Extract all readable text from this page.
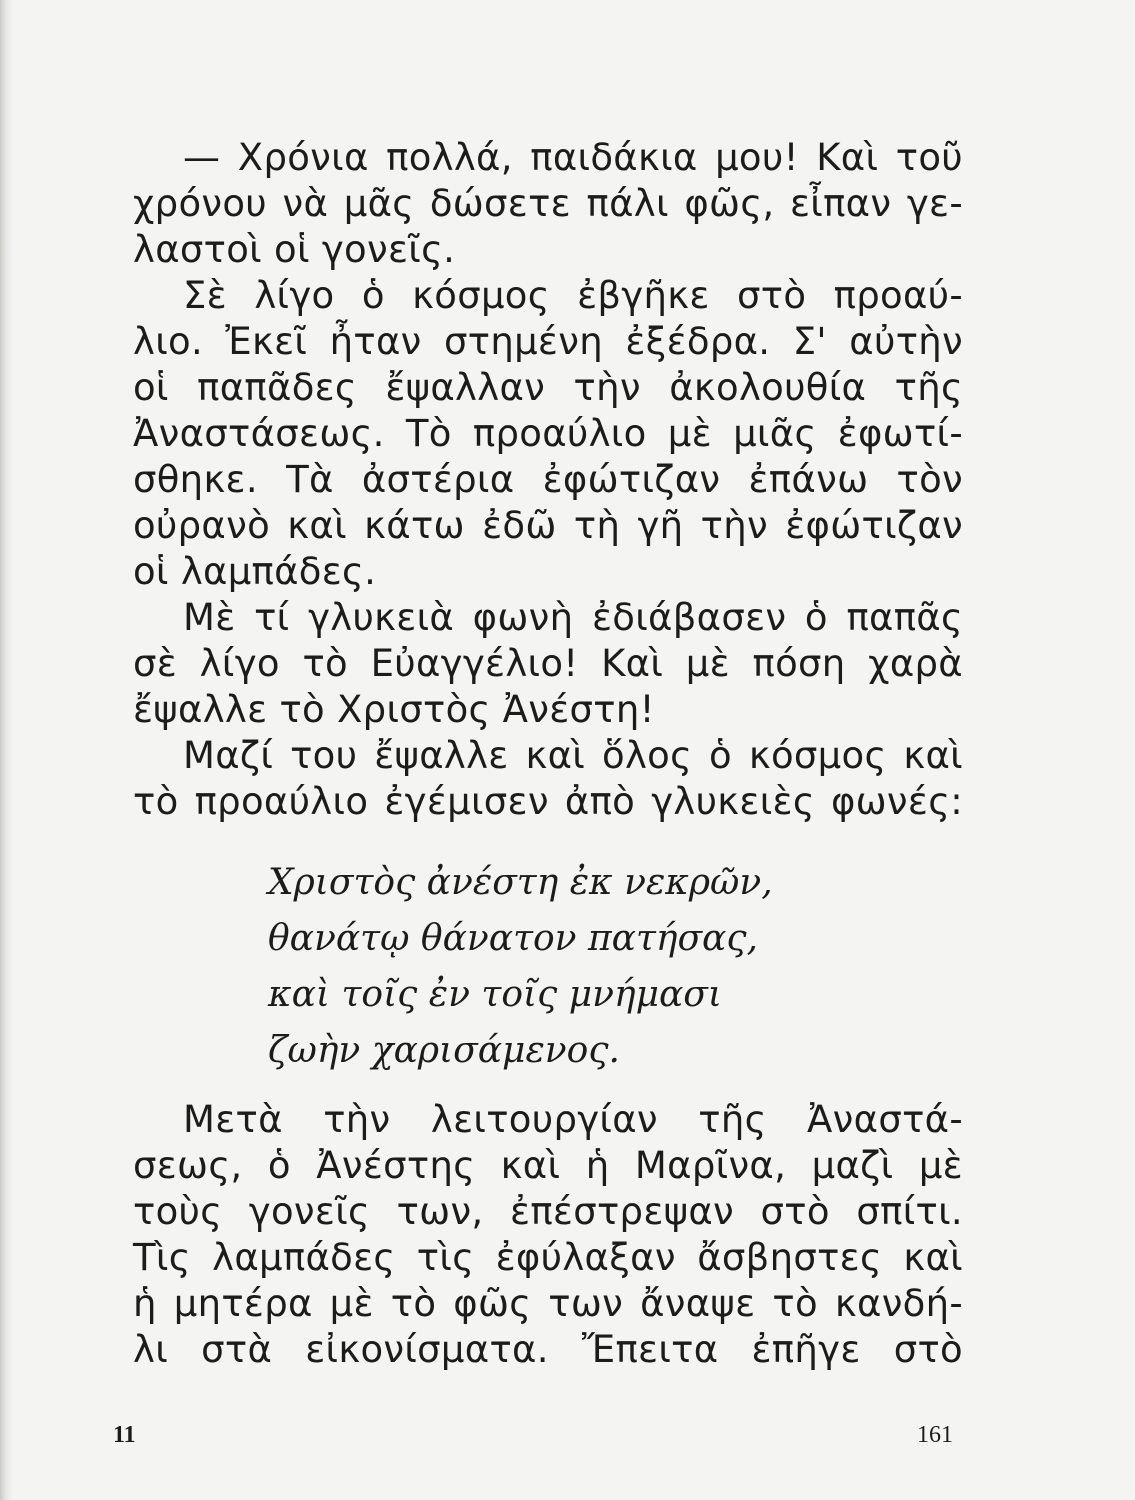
— Χρόνια πολλά, παιδάκια μου! Καὶ τοῦ
χρόνου νὰ μᾶς δώσετε πάλι φῶς, εἶπαν γε-
λαστοὶ οἱ γονεῖς.
Σὲ λίγο ὁ κόσμος ἐβγῆκε στὸ προαύ-
λιο. Ἐκεῖ ἦταν στημένη ἐξέδρα. Σ' αὐτὴν
οἱ παπᾶδες ἔψαλλαν τὴν ἀκολουθία τῆς
Ἀναστάσεως. Τὸ προαύλιο μὲ μιᾶς ἐφωτί-
σθηκε. Τὰ ἀστέρια ἐφώτιζαν ἐπάνω τὸν
οὐρανὸ καὶ κάτω ἐδῶ τὴ γῆ τὴν ἐφώτιζαν
οἱ λαμπάδες.
Μὲ τί γλυκειὰ φωνὴ ἐδιάβασεν ὁ παπᾶς
σὲ λίγο τὸ Εὐαγγέλιο! Καὶ μὲ πόση χαρὰ
ἔψαλλε τὸ Χριστὸς Ἀνέστη!
Μαζί του ἔψαλλε καὶ ὅλος ὁ κόσμος καὶ
τὸ προαύλιο ἐγέμισεν ἀπὸ γλυκειὲς φωνές:
Χριστὸς ἀνέστη ἐκ νεκρῶν,
θανάτῳ θάνατον πατήσας,
καὶ τοῖς ἐν τοῖς μνήμασι
ζωὴν χαρισάμενος.
Μετὰ τὴν λειτουργίαν τῆς Ἀναστά-
σεως, ὁ Ἀνέστης καὶ ἡ Μαρῖνα, μαζὶ μὲ
τοὺς γονεῖς των, ἐπέστρεψαν στὸ σπίτι.
Τὶς λαμπάδες τὶς ἐφύλαξαν ἄσβηστες καὶ
ἡ μητέρα μὲ τὸ φῶς των ἄναψε τὸ κανδή-
λι στὰ εἰκονίσματα. Ἔπειτα ἐπῆγε στὸ
11	161
